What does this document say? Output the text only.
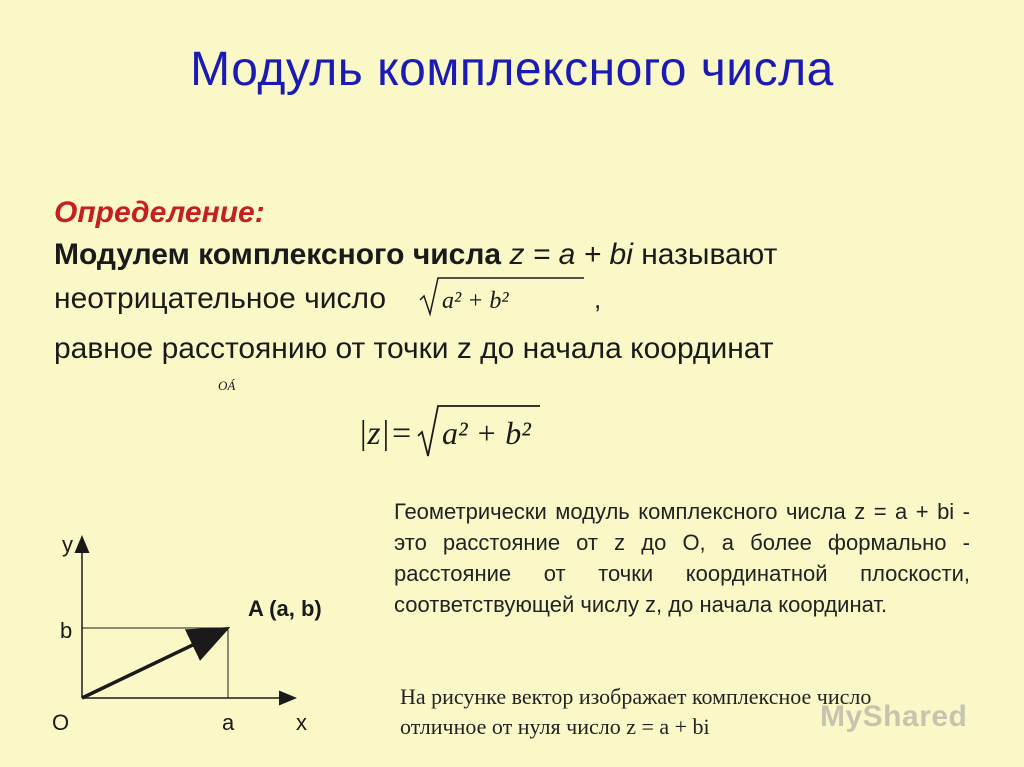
Модуль комплексного числа
Определение:
Модулем комплексного числа z = a + bi называют
неотрицательное число a² + b²	,
равное расстоянию от точки z до начала координат
OÁ
|z| = a² + b²
Геометрически модуль комплексного числа z = a + bi - это расстояние от z до O, а более формально - расстояние от точки координатной плоскости, соответствующей числу z, до начала координат.
На рисунке вектор изображает комплексное число
отличное от нуля число z = a + bi
y
x
O	a
b
A (a, b)
MyShared
